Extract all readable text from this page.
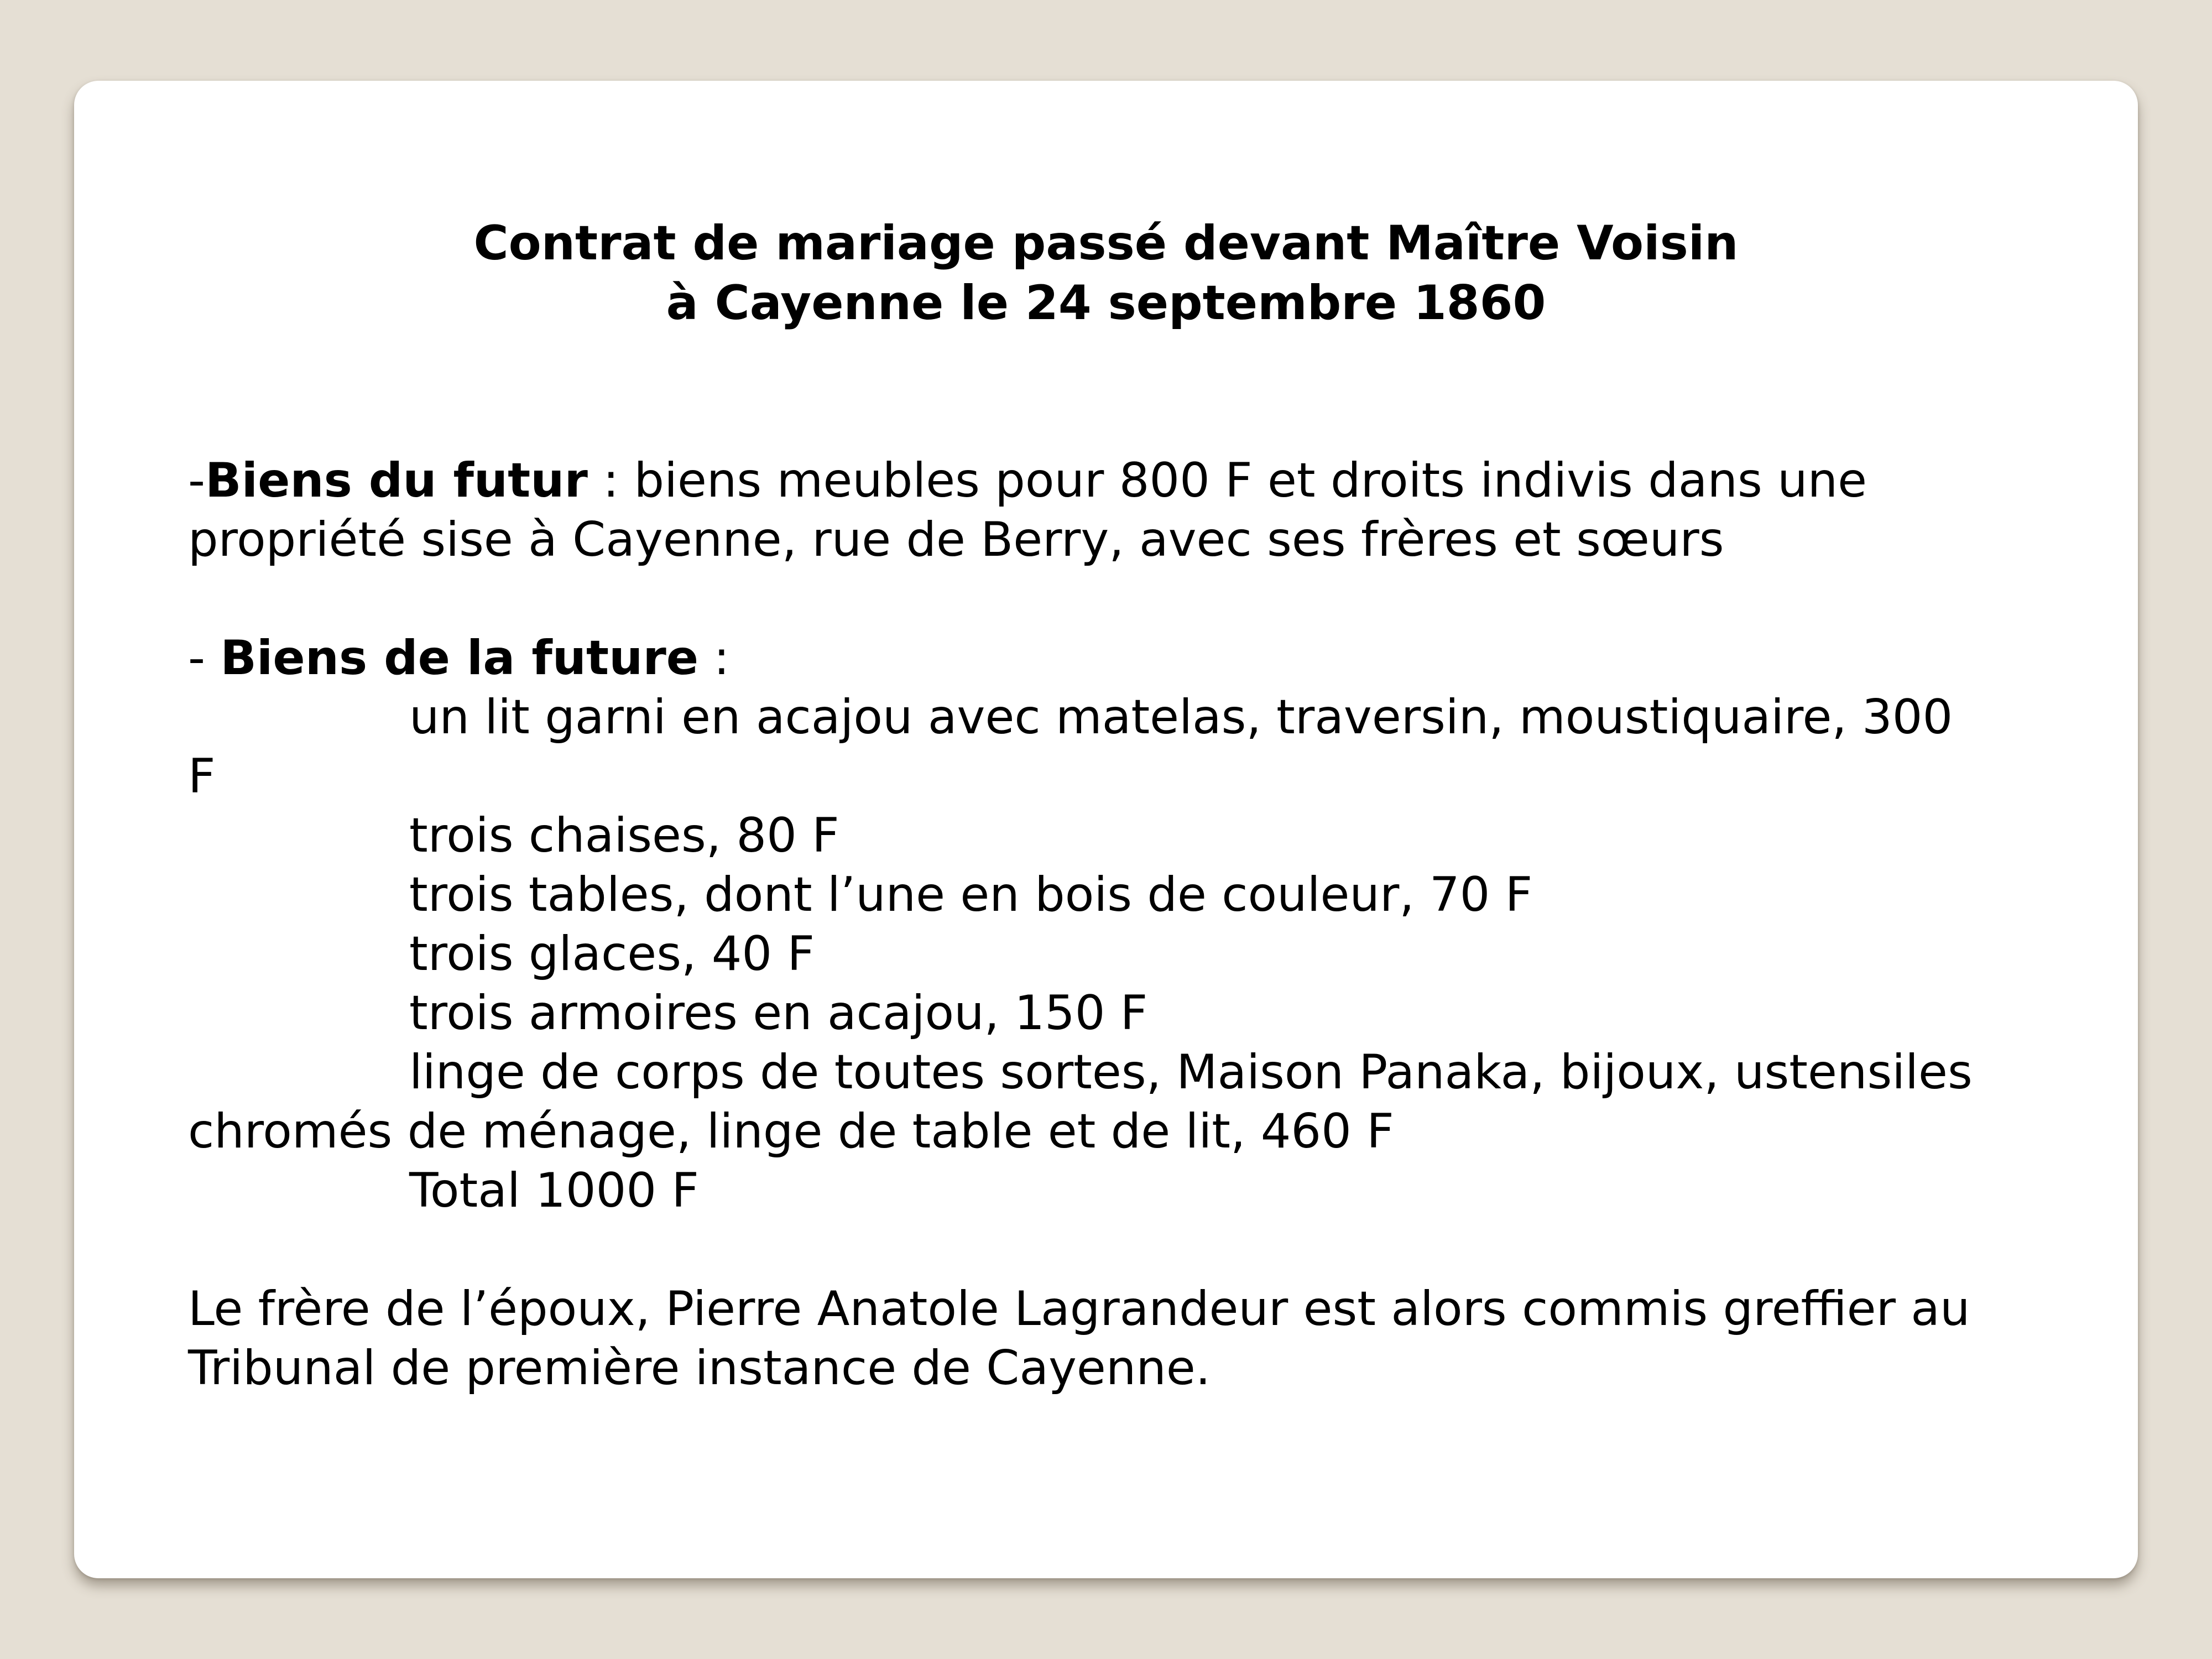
Contrat de mariage passé devant Maître Voisin
à Cayenne le 24 septembre 1860
-Biens du futur : biens meubles pour 800 F et droits indivis dans une
propriété sise à Cayenne, rue de Berry, avec ses frères et sœurs
- Biens de la future :
un lit garni en acajou avec matelas, traversin, moustiquaire, 300
F
trois chaises, 80 F
trois tables, dont l’une en bois de couleur, 70 F
trois glaces, 40 F
trois armoires en acajou, 150 F
linge de corps de toutes sortes, Maison Panaka, bijoux, ustensiles
chromés de ménage, linge de table et de lit, 460 F
Total 1000 F
Le frère de l’époux, Pierre Anatole Lagrandeur est alors commis greffier au
Tribunal de première instance de Cayenne.
